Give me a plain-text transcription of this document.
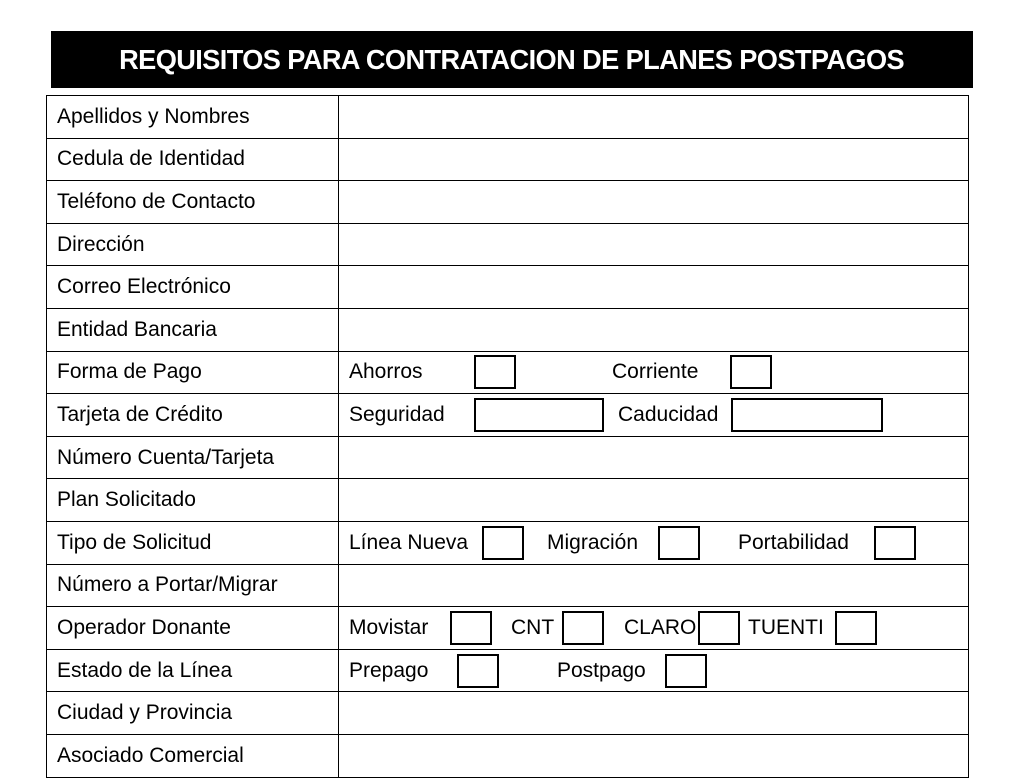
REQUISITOS PARA CONTRATACION DE PLANES POSTPAGOS
Apellidos y Nombres	
Cedula de Identidad	
Teléfono de Contacto	
Dirección	
Correo Electrónico	
Entidad Bancaria	
Forma de Pago	Ahorros Corriente

Tarjeta de Crédito	Seguridad Caducidad

Número Cuenta/Tarjeta	
Plan Solicitado	
Tipo de Solicitud	Línea Nueva Migración Portabilidad

Número a Portar/Migrar	
Operador Donante	Movistar CNT CLARO TUENTI

Estado de la Línea	Prepago Postpago

Ciudad y Provincia	
Asociado Comercial	
